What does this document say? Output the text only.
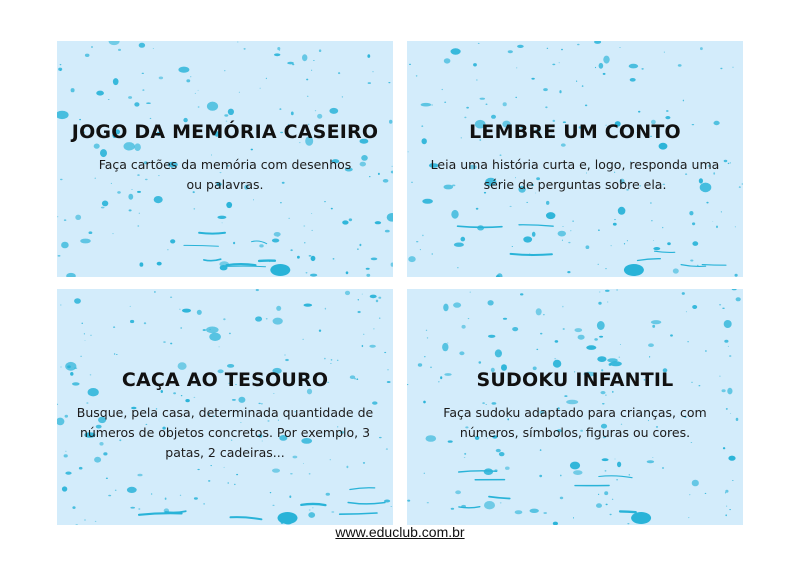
JOGO DA MEMÓRIA CASEIRO

Faça cartões da memória com desenhos ou palavras.

LEMBRE UM CONTO

Leia uma história curta e, logo, responda uma série de perguntas sobre ela.

CAÇA AO TESOURO

Busque, pela casa, determinada quantidade de números de objetos concretos. Por exemplo, 3 patas, 2 cadeiras...

SUDOKU INFANTIL

Faça sudoku adaptado para crianças, com números, símbolos, figuras ou cores.

www.educlub.com.br
